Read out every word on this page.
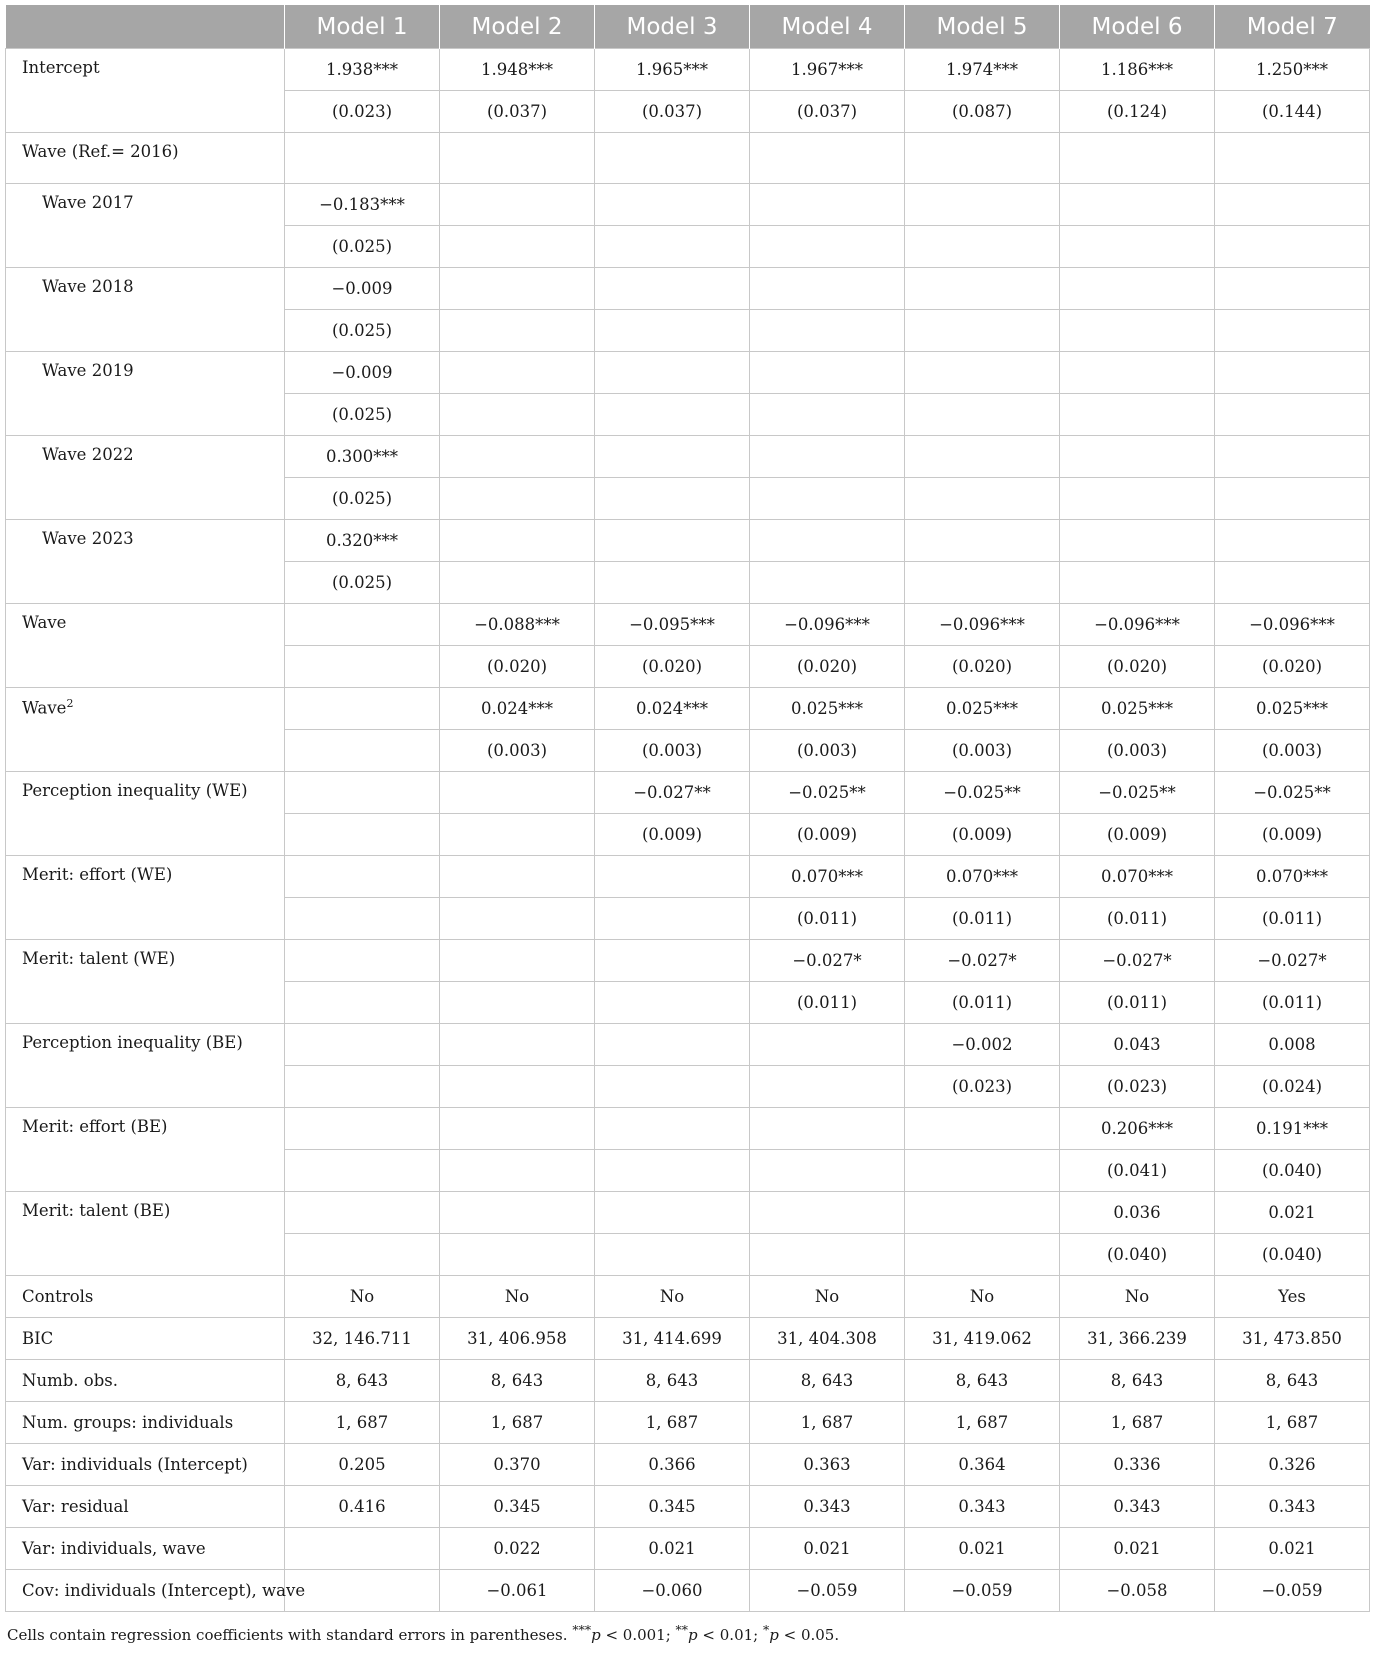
	Model 1	Model 2	Model 3	Model 4	Model 5	Model 6	Model 7
Intercept	1.938***	1.948***	1.965***	1.967***	1.974***	1.186***	1.250***
	(0.023)	(0.037)	(0.037)	(0.037)	(0.087)	(0.124)	(0.144)
Wave (Ref.= 2016)							
Wave 2017	−0.183***						
	(0.025)						
Wave 2018	−0.009						
	(0.025)						
Wave 2019	−0.009						
	(0.025)						
Wave 2022	0.300***						
	(0.025)						
Wave 2023	0.320***						
	(0.025)						
Wave		−0.088***	−0.095***	−0.096***	−0.096***	−0.096***	−0.096***
		(0.020)	(0.020)	(0.020)	(0.020)	(0.020)	(0.020)
Wave$^2$		0.024***	0.024***	0.025***	0.025***	0.025***	0.025***
		(0.003)	(0.003)	(0.003)	(0.003)	(0.003)	(0.003)
Perception inequality (WE)			−0.027**	−0.025**	−0.025**	−0.025**	−0.025**
			(0.009)	(0.009)	(0.009)	(0.009)	(0.009)
Merit: effort (WE)				0.070***	0.070***	0.070***	0.070***
				(0.011)	(0.011)	(0.011)	(0.011)
Merit: talent (WE)				−0.027*	−0.027*	−0.027*	−0.027*
				(0.011)	(0.011)	(0.011)	(0.011)
Perception inequality (BE)					−0.002	0.043	0.008
					(0.023)	(0.023)	(0.024)
Merit: effort (BE)						0.206***	0.191***
						(0.041)	(0.040)
Merit: talent (BE)						0.036	0.021
						(0.040)	(0.040)
Controls	No	No	No	No	No	No	Yes
BIC	32, 146.711	31, 406.958	31, 414.699	31, 404.308	31, 419.062	31, 366.239	31, 473.850
Numb. obs.	8, 643	8, 643	8, 643	8, 643	8, 643	8, 643	8, 643
Num. groups: individuals	1, 687	1, 687	1, 687	1, 687	1, 687	1, 687	1, 687
Var: individuals (Intercept)	0.205	0.370	0.366	0.363	0.364	0.336	0.326
Var: residual	0.416	0.345	0.345	0.343	0.343	0.343	0.343
Var: individuals, wave		0.022	0.021	0.021	0.021	0.021	0.021
Cov: individuals (Intercept), wave		−0.061	−0.060	−0.059	−0.059	−0.058	−0.059
Cells contain regression coefficients with standard errors in parentheses. ***p < 0.001; **p < 0.01; *p < 0.05.
